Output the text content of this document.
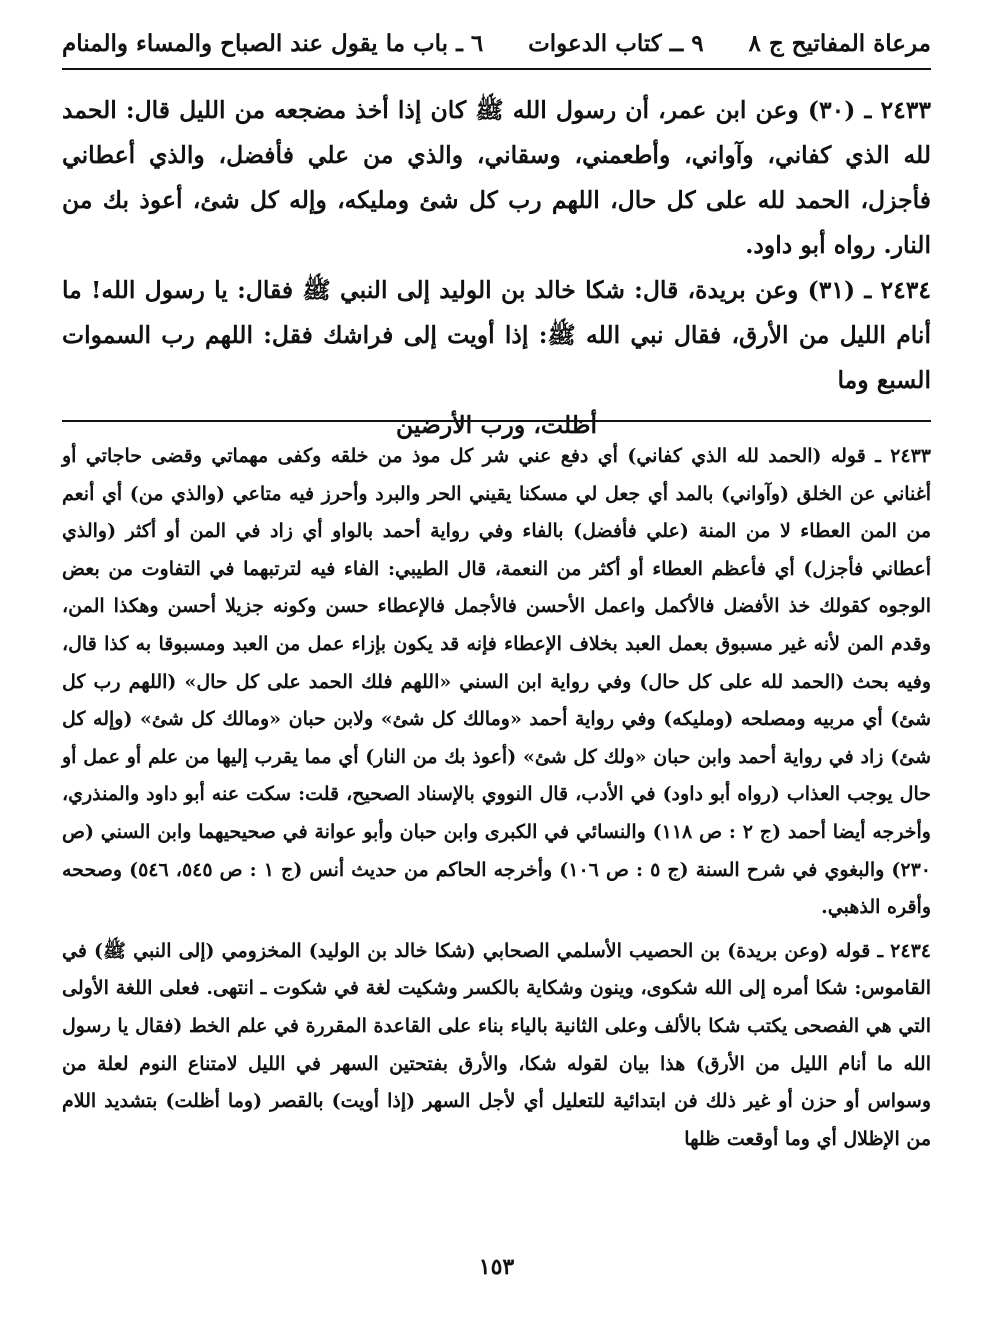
مرعاة المفاتيح ج ٨
٩ ــ كتاب الدعوات
٦ ـ باب ما يقول عند الصباح والمساء والمنام

٢٤٣٣ ـ (٣٠) وعن ابن عمر، أن رسول الله ﷺ كان إذا أخذ مضجعه من الليل قال: الحمد لله الذي كفاني، وآواني، وأطعمني، وسقاني، والذي من علي فأفضل، والذي أعطاني فأجزل، الحمد لله على كل حال، اللهم رب كل شئ ومليكه، وإله كل شئ، أعوذ بك من النار. رواه أبو داود.

٢٤٣٤ ـ (٣١) وعن بريدة، قال: شكا خالد بن الوليد إلى النبي ﷺ فقال: يا رسول الله! ما أنام الليل من الأرق، فقال نبي الله ﷺ: إذا أويت إلى فراشك فقل: اللهم رب السموات السبع وما

أظلت، ورب الأرضين

٢٤٣٣ ـ قوله (الحمد لله الذي كفاني) أي دفع عني شر كل موذ من خلقه وكفى مهماتي وقضى حاجاتي أو أغناني عن الخلق (وآواني) بالمد أي جعل لي مسكنا يقيني الحر والبرد وأحرز فيه متاعي (والذي من) أي أنعم من المن العطاء لا من المنة (علي فأفضل) بالفاء وفي رواية أحمد بالواو أي زاد في المن أو أكثر (والذي أعطاني فأجزل) أي فأعظم العطاء أو أكثر من النعمة، قال الطيبي: الفاء فيه لترتبهما في التفاوت من بعض الوجوه كقولك خذ الأفضل فالأكمل واعمل الأحسن فالأجمل فالإعطاء حسن وكونه جزيلا أحسن وهكذا المن، وقدم المن لأنه غير مسبوق بعمل العبد بخلاف الإعطاء فإنه قد يكون بإزاء عمل من العبد ومسبوقا به كذا قال، وفيه بحث (الحمد لله على كل حال) وفي رواية ابن السني «اللهم فلك الحمد على كل حال» (اللهم رب كل شئ) أي مربيه ومصلحه (ومليكه) وفي رواية أحمد «ومالك كل شئ» ولابن حبان «ومالك كل شئ» (وإله كل شئ) زاد في رواية أحمد وابن حبان «ولك كل شئ» (أعوذ بك من النار) أي مما يقرب إليها من علم أو عمل أو حال يوجب العذاب (رواه أبو داود) في الأدب، قال النووي بالإسناد الصحيح، قلت: سكت عنه أبو داود والمنذري، وأخرجه أيضا أحمد (ج ٢ : ص ١١٨) والنسائي في الكبرى وابن حبان وأبو عوانة في صحيحيهما وابن السني (ص ٢٣٠) والبغوي في شرح السنة (ج ٥ : ص ١٠٦) وأخرجه الحاكم من حديث أنس (ج ١ : ص ٥٤٥، ٥٤٦) وصححه وأقره الذهبي.

٢٤٣٤ ـ قوله (وعن بريدة) بن الحصيب الأسلمي الصحابي (شكا خالد بن الوليد) المخزومي (إلى النبي ﷺ) في القاموس: شكا أمره إلى الله شكوى، وينون وشكاية بالكسر وشكيت لغة في شكوت ـ انتهى. فعلى اللغة الأولى التي هي الفصحى يكتب شكا بالألف وعلى الثانية بالياء بناء على القاعدة المقررة في علم الخط (فقال يا رسول الله ما أنام الليل من الأرق) هذا بيان لقوله شكا، والأرق بفتحتين السهر في الليل لامتناع النوم لعلة من وسواس أو حزن أو غير ذلك فن ابتدائية للتعليل أي لأجل السهر (إذا أويت) بالقصر (وما أظلت) بتشديد اللام من الإظلال أي وما أوقعت ظلها

١٥٣
